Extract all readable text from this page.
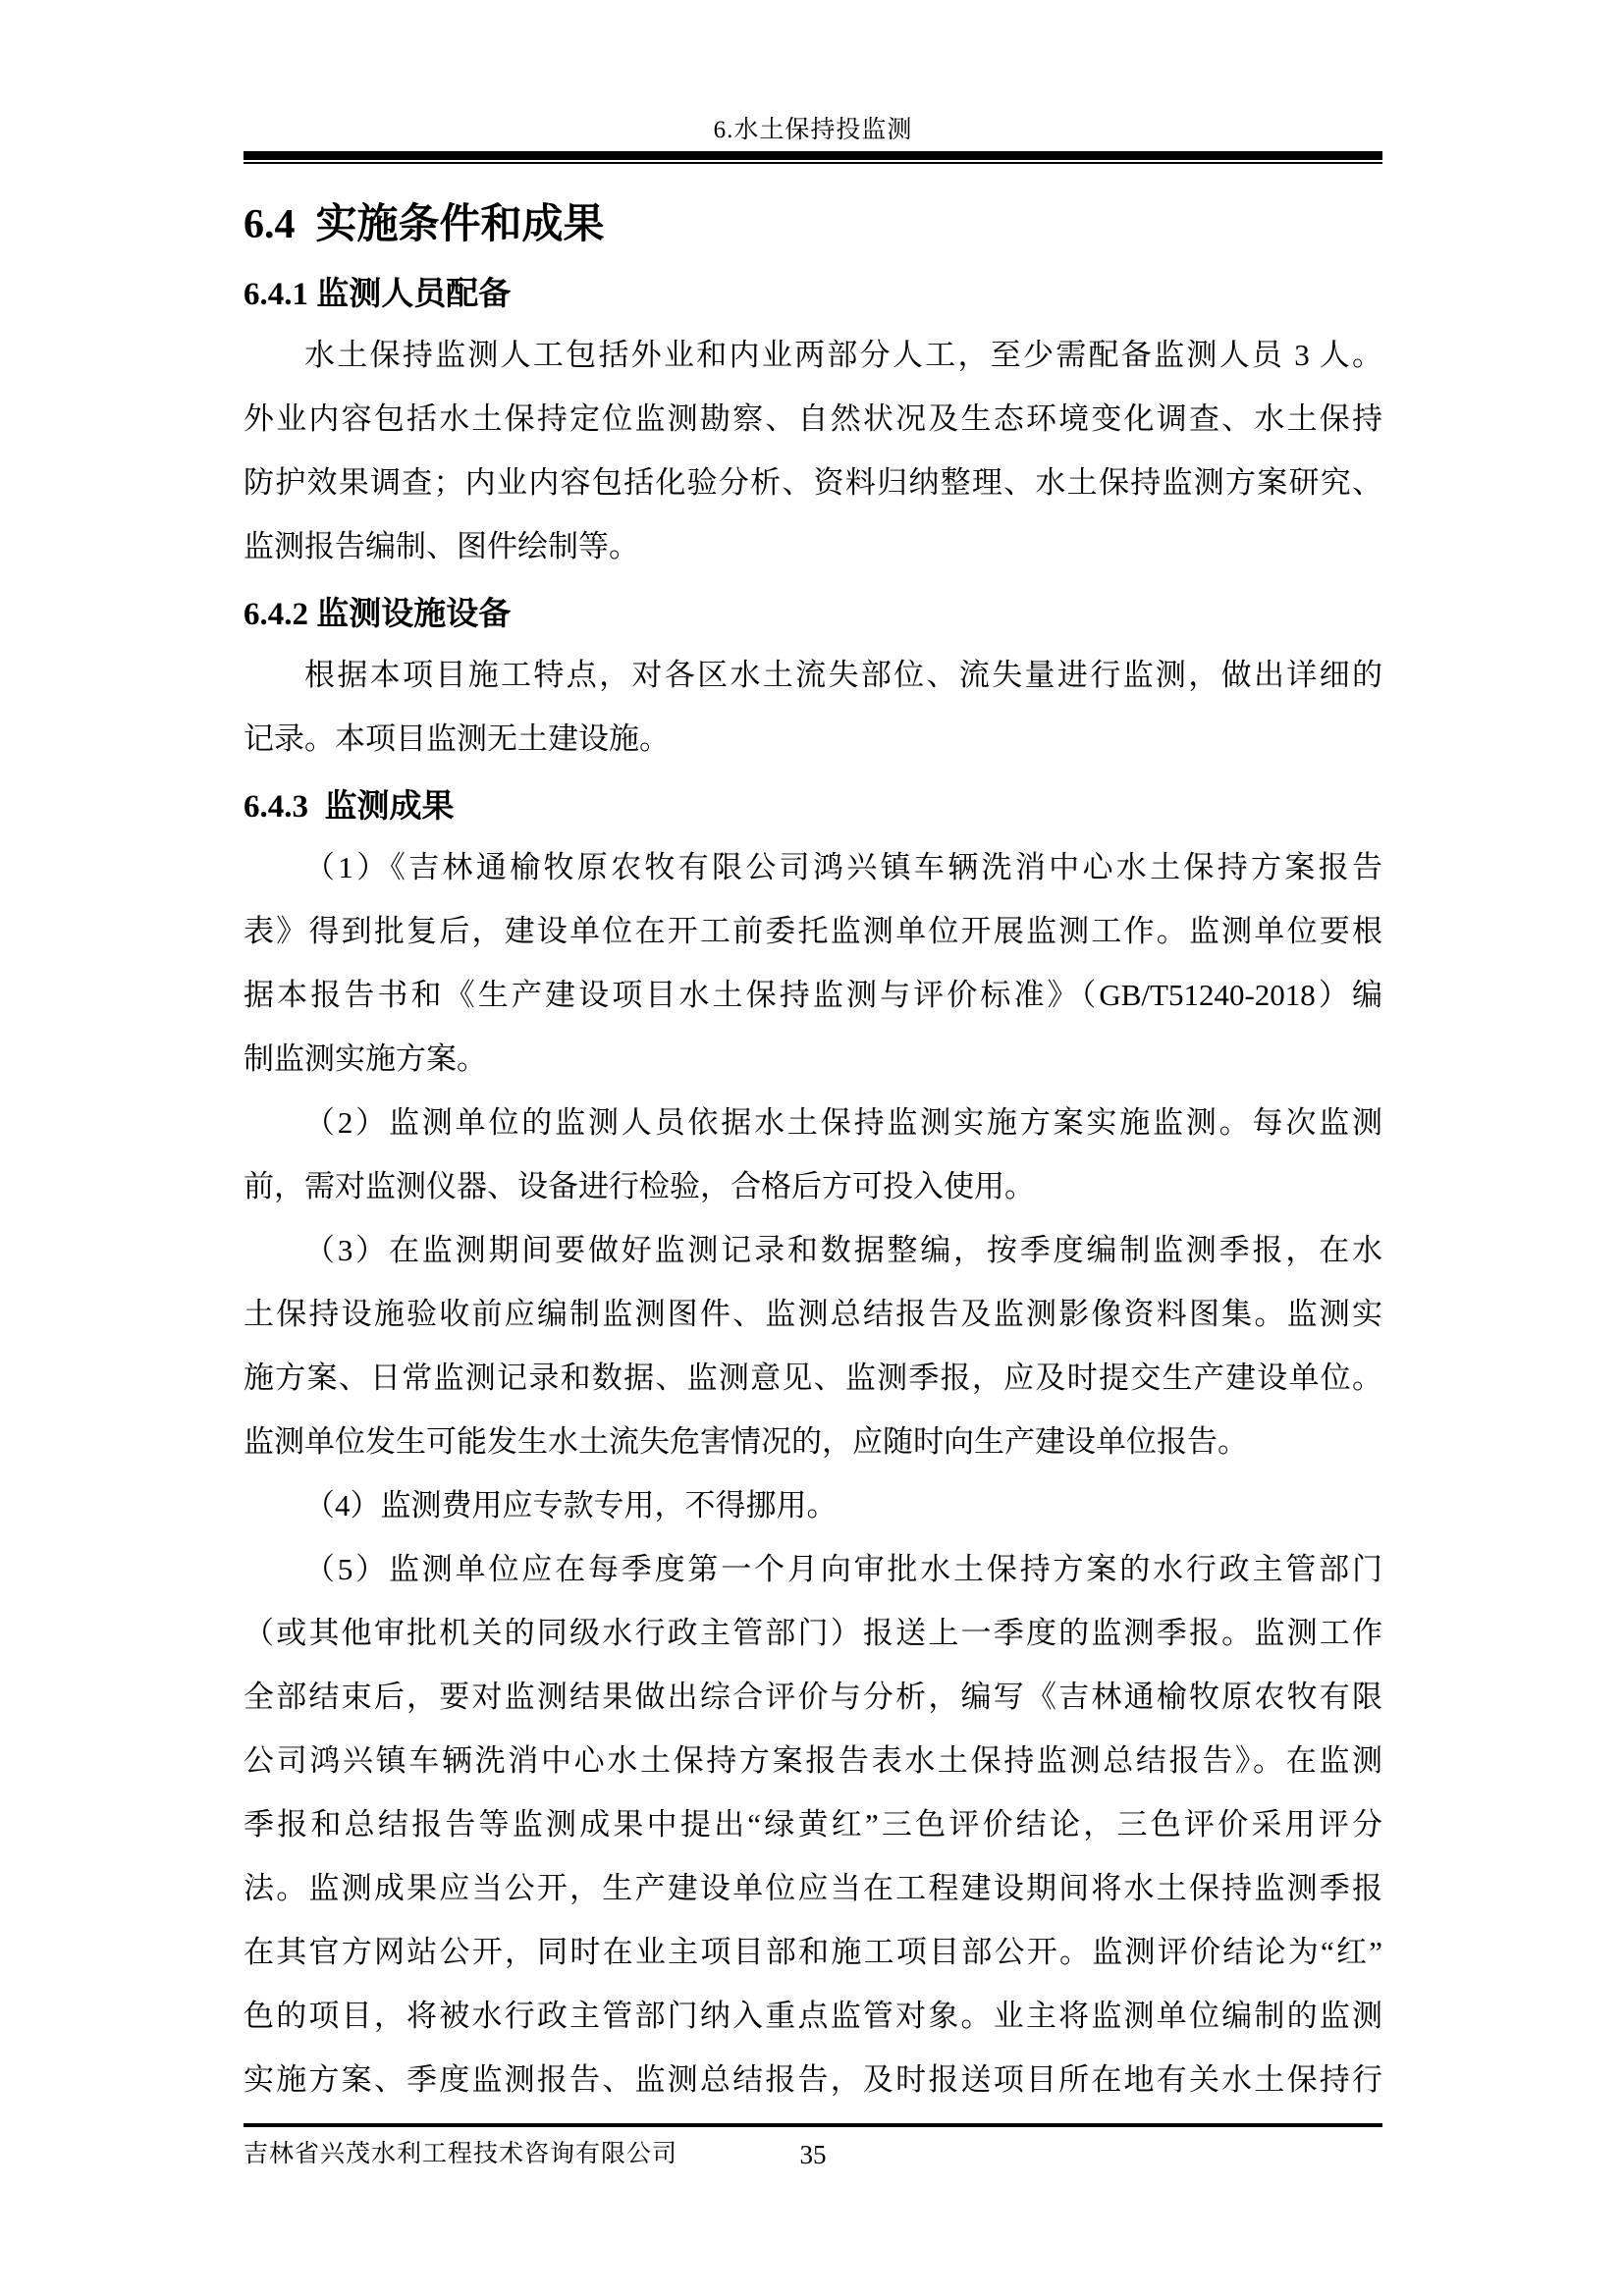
6.水土保持投监测
6.4  实施条件和成果
6.4.1 监测人员配备
水土保持监测人工包括外业和内业两部分人工，至少需配备监测人员 3 人。
外业内容包括水土保持定位监测勘察、自然状况及生态环境变化调查、水土保持
防护效果调查；内业内容包括化验分析、资料归纳整理、水土保持监测方案研究、
监测报告编制、图件绘制等。
6.4.2 监测设施设备
根据本项目施工特点，对各区水土流失部位、流失量进行监测，做出详细的
记录。本项目监测无土建设施。
6.4.3  监测成果
（1）《吉林通榆牧原农牧有限公司鸿兴镇车辆洗消中心水土保持方案报告
表》得到批复后，建设单位在开工前委托监测单位开展监测工作。监测单位要根
据本报告书和《生产建设项目水土保持监测与评价标准》（GB/T51240-2018）编
制监测实施方案。
（2）监测单位的监测人员依据水土保持监测实施方案实施监测。每次监测
前，需对监测仪器、设备进行检验，合格后方可投入使用。
（3）在监测期间要做好监测记录和数据整编，按季度编制监测季报，在水
土保持设施验收前应编制监测图件、监测总结报告及监测影像资料图集。监测实
施方案、日常监测记录和数据、监测意见、监测季报，应及时提交生产建设单位。
监测单位发生可能发生水土流失危害情况的，应随时向生产建设单位报告。
（4）监测费用应专款专用，不得挪用。
（5）监测单位应在每季度第一个月向审批水土保持方案的水行政主管部门
（或其他审批机关的同级水行政主管部门）报送上一季度的监测季报。监测工作
全部结束后，要对监测结果做出综合评价与分析，编写《吉林通榆牧原农牧有限
公司鸿兴镇车辆洗消中心水土保持方案报告表水土保持监测总结报告》。在监测
季报和总结报告等监测成果中提出“绿黄红”三色评价结论，三色评价采用评分
法。监测成果应当公开，生产建设单位应当在工程建设期间将水土保持监测季报
在其官方网站公开，同时在业主项目部和施工项目部公开。监测评价结论为“红”
色的项目，将被水行政主管部门纳入重点监管对象。业主将监测单位编制的监测
实施方案、季度监测报告、监测总结报告，及时报送项目所在地有关水土保持行
吉林省兴茂水利工程技术咨询有限公司	35
